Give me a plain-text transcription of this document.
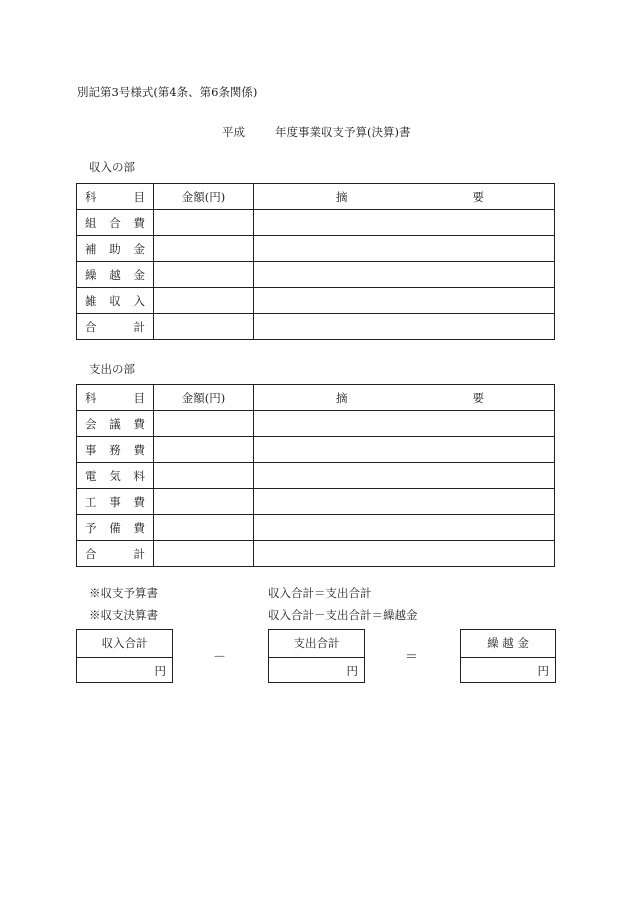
別記第3号様式(第4条、第6条関係)
平成	年度事業収支予算(決算)書
収入の部
科 目	金額(円)	摘 要

組 合 費		

補 助 金		

繰 越 金		

雑 収 入		

合 計		

支出の部
科 目	金額(円)	摘 要

会 議 費		

事 務 費		

電 気 料		

工 事 費		

予 備 費		

合 計		

※収支予算書	収入合計＝支出合計
※収支決算書	収入合計－支出合計＝繰越金
収入合計
円
－
支出合計
円
＝
繰 越 金
円
